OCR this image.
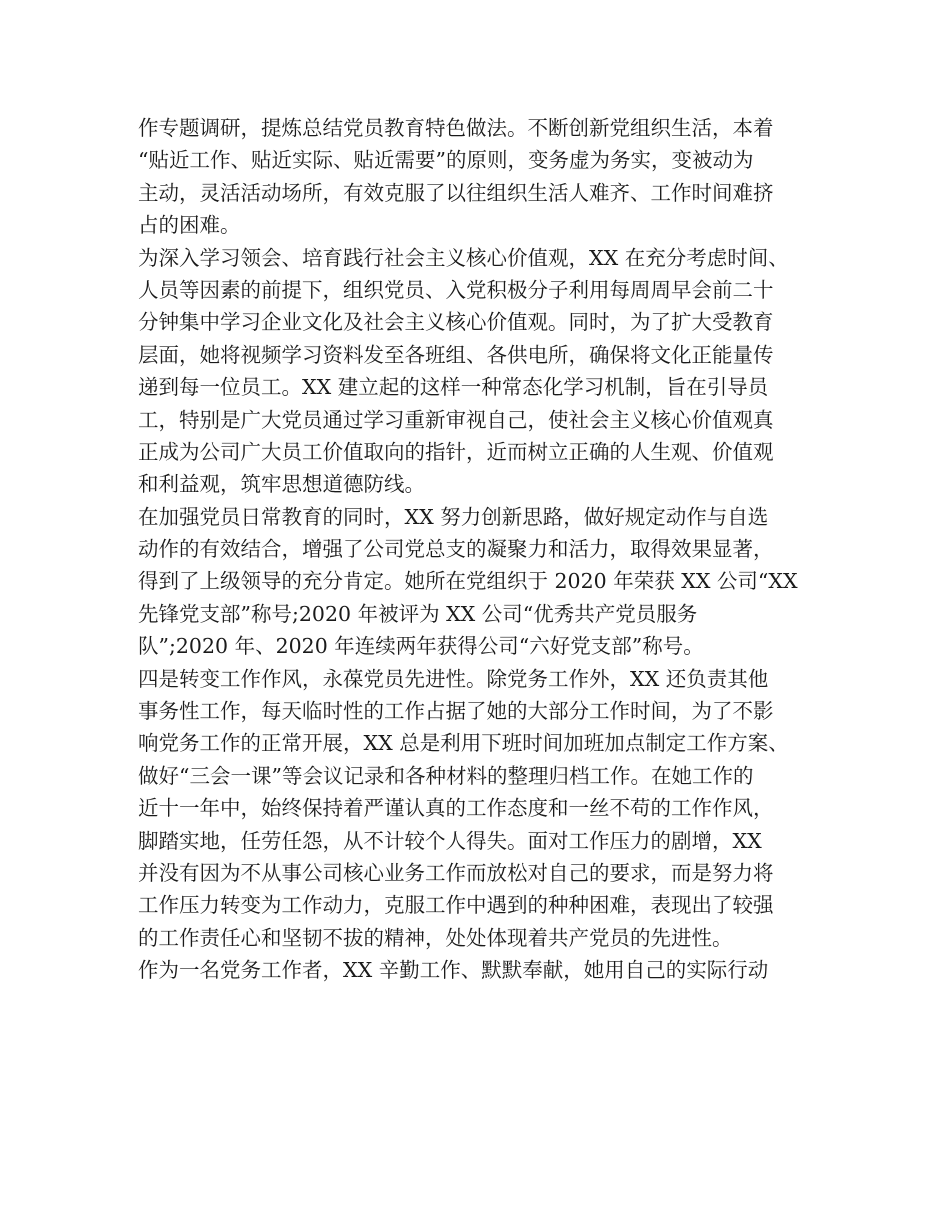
作专题调研，提炼总结党员教育特色做法。不断创新党组织生活，本着
“贴近工作、贴近实际、贴近需要”的原则，变务虚为务实，变被动为
主动，灵活活动场所，有效克服了以往组织生活人难齐、工作时间难挤
占的困难。
为深入学习领会、培育践行社会主义核心价值观，XX 在充分考虑时间、
人员等因素的前提下，组织党员、入党积极分子利用每周周早会前二十
分钟集中学习企业文化及社会主义核心价值观。同时，为了扩大受教育
层面，她将视频学习资料发至各班组、各供电所，确保将文化正能量传
递到每一位员工。XX 建立起的这样一种常态化学习机制，旨在引导员
工，特别是广大党员通过学习重新审视自己，使社会主义核心价值观真
正成为公司广大员工价值取向的指针，近而树立正确的人生观、价值观
和利益观，筑牢思想道德防线。
在加强党员日常教育的同时，XX 努力创新思路，做好规定动作与自选
动作的有效结合，增强了公司党总支的凝聚力和活力，取得效果显著，
得到了上级领导的充分肯定。她所在党组织于 2020 年荣获 XX 公司“XX
先锋党支部”称号;2020 年被评为 XX 公司“优秀共产党员服务
队”;2020 年、2020 年连续两年获得公司“六好党支部”称号。
四是转变工作作风，永葆党员先进性。除党务工作外，XX 还负责其他
事务性工作，每天临时性的工作占据了她的大部分工作时间，为了不影
响党务工作的正常开展，XX 总是利用下班时间加班加点制定工作方案、
做好“三会一课”等会议记录和各种材料的整理归档工作。在她工作的
近十一年中，始终保持着严谨认真的工作态度和一丝不苟的工作作风，
脚踏实地，任劳任怨，从不计较个人得失。面对工作压力的剧增，XX
并没有因为不从事公司核心业务工作而放松对自己的要求，而是努力将
工作压力转变为工作动力，克服工作中遇到的种种困难，表现出了较强
的工作责任心和坚韧不拔的精神，处处体现着共产党员的先进性。
作为一名党务工作者，XX 辛勤工作、默默奉献，她用自己的实际行动
